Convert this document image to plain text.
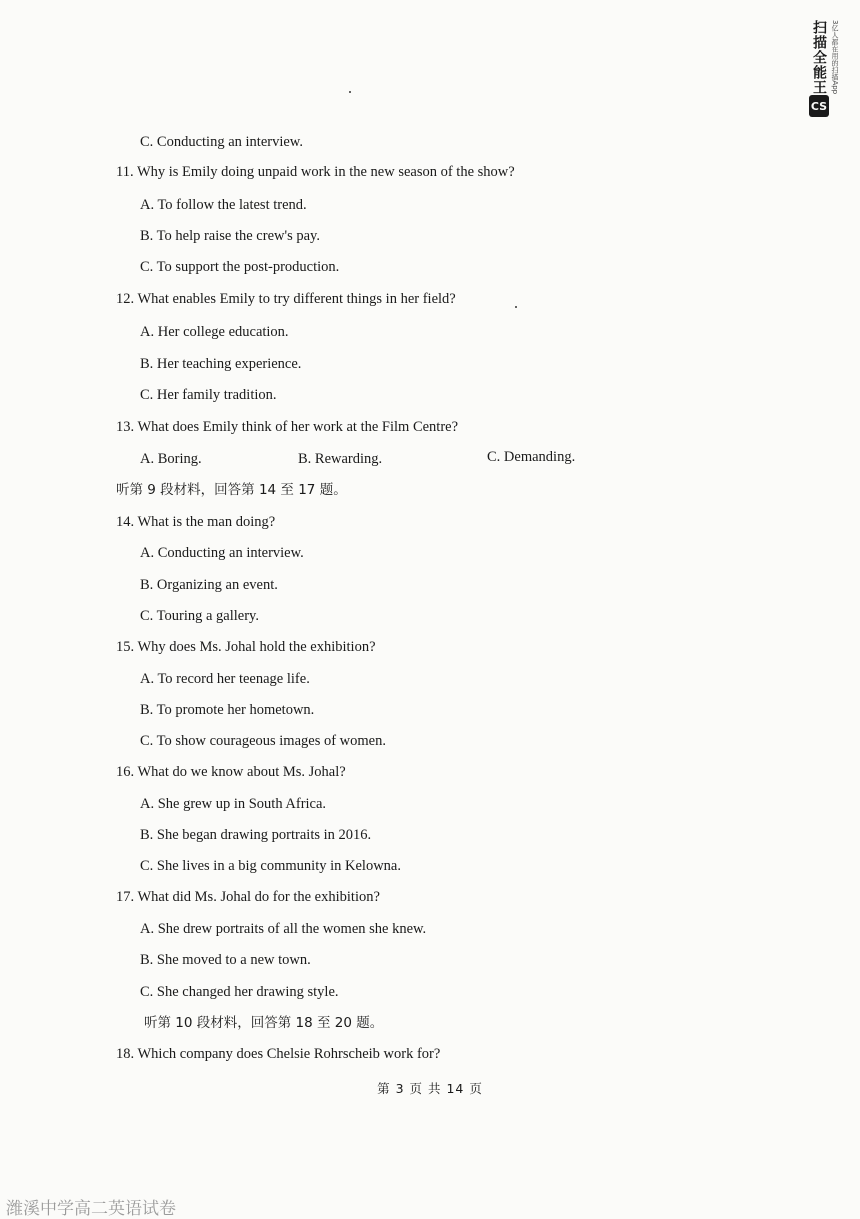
扫描全能王 3亿人都在用的扫描App
CS
C. Conducting an interview.
11. Why is Emily doing unpaid work in the new season of the show?
A. To follow the latest trend.
B. To help raise the crew's pay.
C. To support the post-production.
12. What enables Emily to try different things in her field?
A. Her college education.
B. Her teaching experience.
C. Her family tradition.
13. What does Emily think of her work at the Film Centre?
听第 9 段材料，回答第 14 至 17 题。
14. What is the man doing?
A. Conducting an interview.
B. Organizing an event.
C. Touring a gallery.
15. Why does Ms. Johal hold the exhibition?
A. To record her teenage life.
B. To promote her hometown.
C. To show courageous images of women.
16. What do we know about Ms. Johal?
A. She grew up in South Africa.
B. She began drawing portraits in 2016.
C. She lives in a big community in Kelowna.
17. What did Ms. Johal do for the exhibition?
A. She drew portraits of all the women she knew.
B. She moved to a new town.
C. She changed her drawing style.
听第 10 段材料，回答第 18 至 20 题。
18. Which company does Chelsie Rohrscheib work for?
A. Boring.	B. Rewarding.	C. Demanding.
第 3 页 共 14 页
潍溪中学高二英语试卷
